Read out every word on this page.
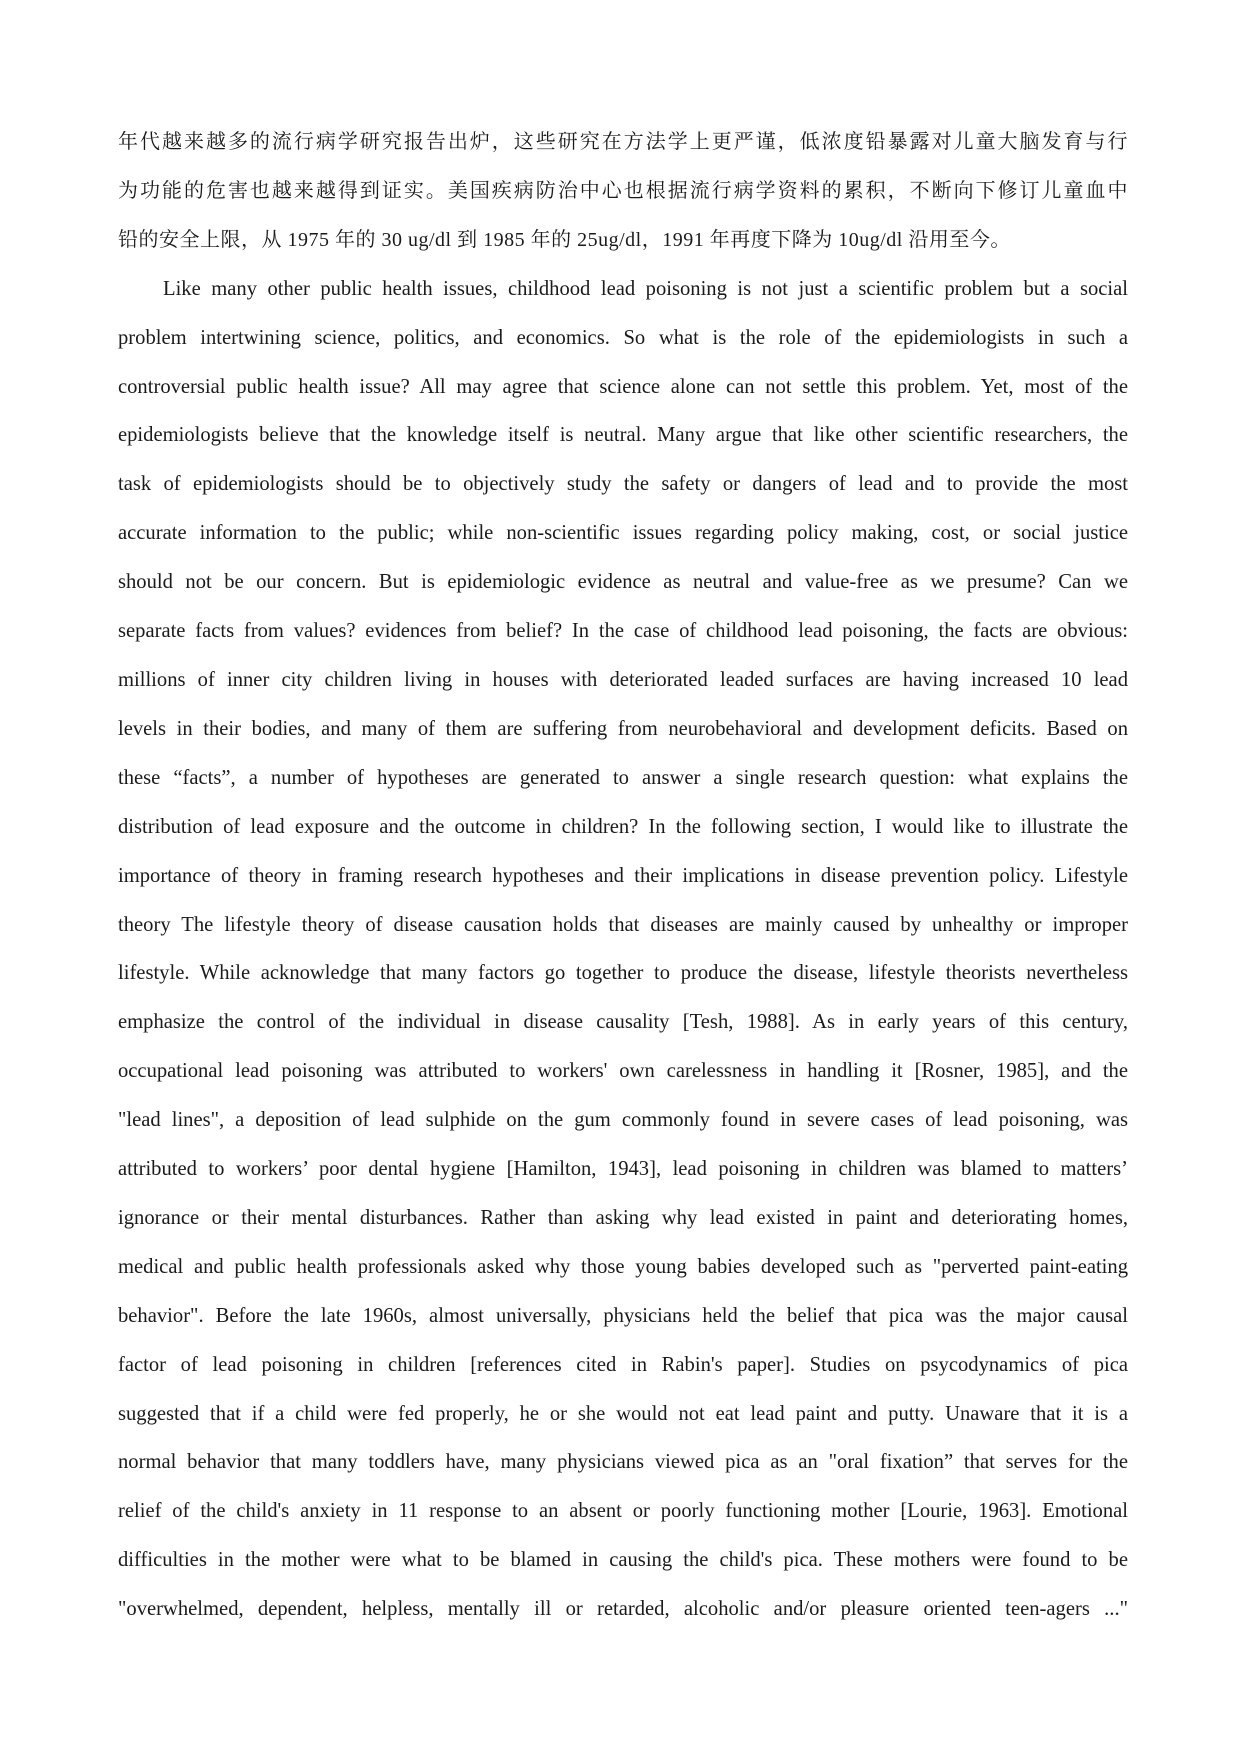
年代越来越多的流行病学研究报告出炉，这些研究在方法学上更严谨，低浓度铅暴露对儿童大脑发育与行
为功能的危害也越来越得到证实。美国疾病防治中心也根据流行病学资料的累积，不断向下修订儿童血中
铅的安全上限，从 1975 年的 30 ug/dl 到 1985 年的 25ug/dl，1991 年再度下降为 10ug/dl 沿用至今。

Like many other public health issues, childhood lead poisoning is not just a scientific problem but a social
problem intertwining science, politics, and economics. So what is the role of the epidemiologists in such a
controversial public health issue? All may agree that science alone can not settle this problem. Yet, most of the
epidemiologists believe that the knowledge itself is neutral. Many argue that like other scientific researchers, the
task of epidemiologists should be to objectively study the safety or dangers of lead and to provide the most
accurate information to the public; while non-scientific issues regarding policy making, cost, or social justice
should not be our concern. But is epidemiologic evidence as neutral and value-free as we presume? Can we
separate facts from values? evidences from belief? In the case of childhood lead poisoning, the facts are obvious:
millions of inner city children living in houses with deteriorated leaded surfaces are having increased 10 lead
levels in their bodies, and many of them are suffering from neurobehavioral and development deficits. Based on
these “facts”, a number of hypotheses are generated to answer a single research question: what explains the
distribution of lead exposure and the outcome in children? In the following section, I would like to illustrate the
importance of theory in framing research hypotheses and their implications in disease prevention policy. Lifestyle
theory The lifestyle theory of disease causation holds that diseases are mainly caused by unhealthy or improper
lifestyle. While acknowledge that many factors go together to produce the disease, lifestyle theorists nevertheless
emphasize the control of the individual in disease causality [Tesh, 1988]. As in early years of this century,
occupational lead poisoning was attributed to workers' own carelessness in handling it [Rosner, 1985], and the
"lead lines", a deposition of lead sulphide on the gum commonly found in severe cases of lead poisoning, was
attributed to workers’ poor dental hygiene [Hamilton, 1943], lead poisoning in children was blamed to matters’
ignorance or their mental disturbances. Rather than asking why lead existed in paint and deteriorating homes,
medical and public health professionals asked why those young babies developed such as "perverted paint-eating
behavior". Before the late 1960s, almost universally, physicians held the belief that pica was the major causal
factor of lead poisoning in children [references cited in Rabin's paper]. Studies on psycodynamics of pica
suggested that if a child were fed properly, he or she would not eat lead paint and putty. Unaware that it is a
normal behavior that many toddlers have, many physicians viewed pica as an "oral fixation” that serves for the
relief of the child's anxiety in 11 response to an absent or poorly functioning mother [Lourie, 1963]. Emotional
difficulties in the mother were what to be blamed in causing the child's pica. These mothers were found to be
"overwhelmed, dependent, helpless, mentally ill or retarded, alcoholic and/or pleasure oriented teen-agers ..."
